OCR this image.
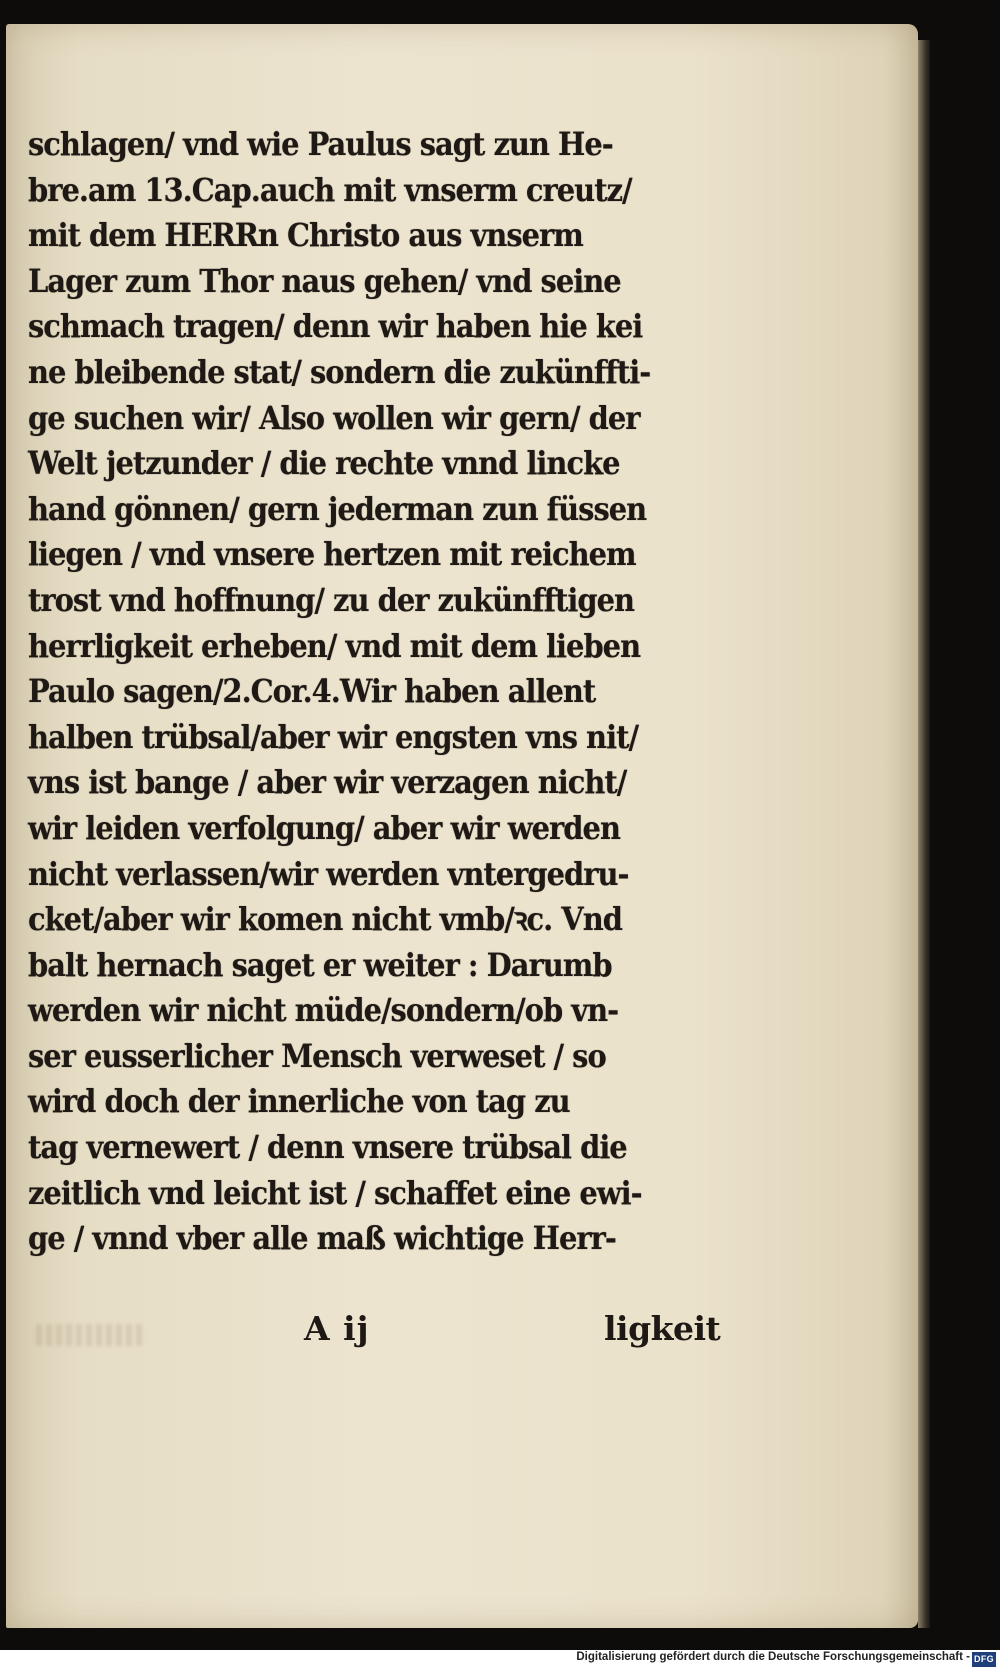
schlagen/ vnd wie Paulus sagt zun He-
bre.am 13.Cap.auch mit vnserm creutz/
mit dem HERRn Christo aus vnserm
Lager zum Thor naus gehen/ vnd seine
schmach tragen/ denn wir haben hie kei
ne bleibende stat/ sondern die zukünffti-
ge suchen wir/ Also wollen wir gern/ der
Welt jetzunder / die rechte vnnd lincke
hand gönnen/ gern jederman zun füssen
liegen / vnd vnsere hertzen mit reichem
trost vnd hoffnung/ zu der zukünfftigen
herrligkeit erheben/ vnd mit dem lieben
Paulo sagen/2.Cor.4.Wir haben allent
halben trübsal/aber wir engsten vns nit/
vns ist bange / aber wir verzagen nicht/
wir leiden verfolgung/ aber wir werden
nicht verlassen/wir werden vntergedru-
cket/aber wir komen nicht vmb/ꝛc. Vnd
balt hernach saget er weiter : Darumb
werden wir nicht müde/sondern/ob vn-
ser eusserlicher Mensch verweset / so
wird doch der innerliche von tag zu
tag vernewert / denn vnsere trübsal die
zeitlich vnd leicht ist / schaffet eine ewi-
ge / vnnd vber alle maß wichtige Herr-
A ij	ligkeit
Digitalisierung gefördert durch die Deutsche Forschungsgemeinschaft - DFG
